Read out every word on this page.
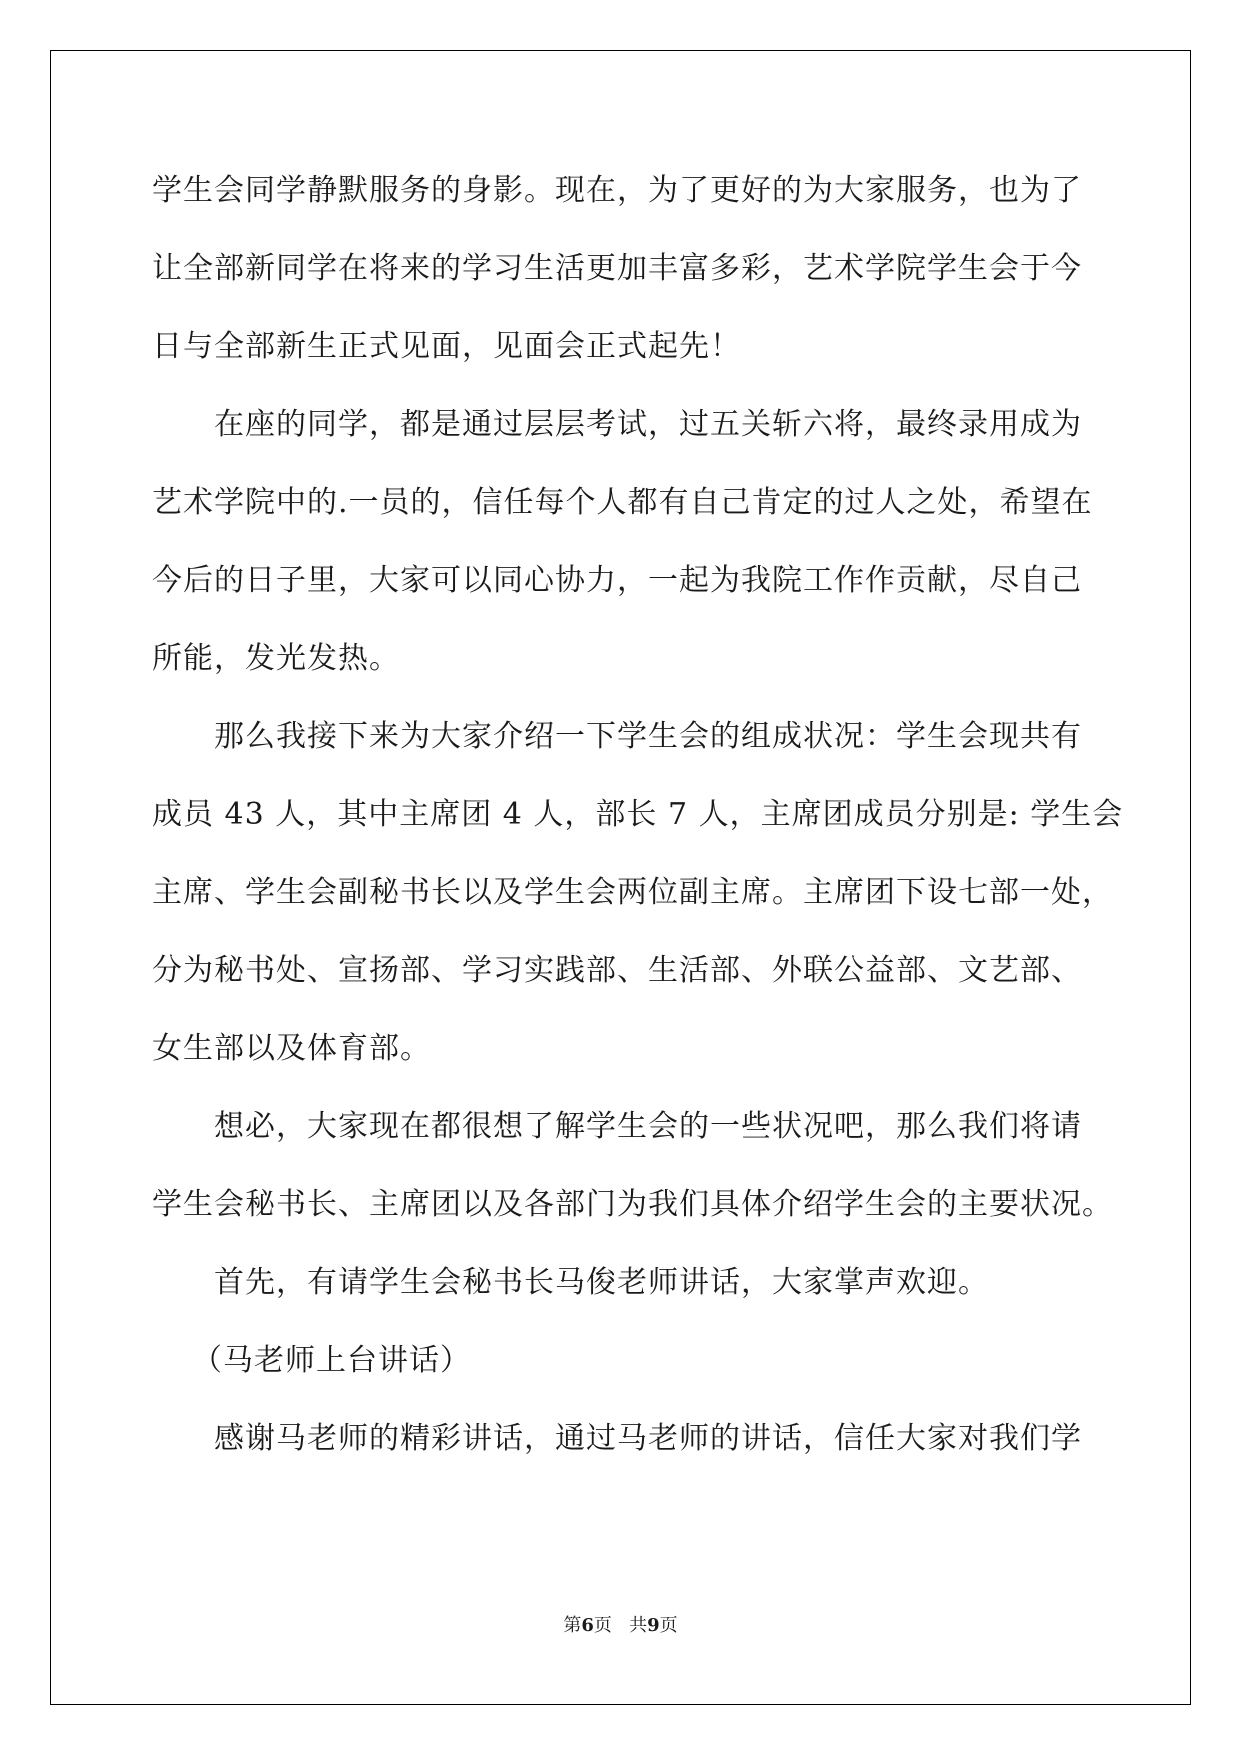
学生会同学静默服务的身影。现在，为了更好的为大家服务，也为了
让全部新同学在将来的学习生活更加丰富多彩，艺术学院学生会于今
日与全部新生正式见面，见面会正式起先！
在座的同学，都是通过层层考试，过五关斩六将，最终录用成为
艺术学院中的.一员的，信任每个人都有自己肯定的过人之处，希望在
今后的日子里，大家可以同心协力，一起为我院工作作贡献，尽自己
所能，发光发热。
那么我接下来为大家介绍一下学生会的组成状况：学生会现共有
成员 43 人，其中主席团 4 人，部长 7 人，主席团成员分别是: 学生会
主席、学生会副秘书长以及学生会两位副主席。主席团下设七部一处，
分为秘书处、宣扬部、学习实践部、生活部、外联公益部、文艺部、
女生部以及体育部。
想必，大家现在都很想了解学生会的一些状况吧，那么我们将请
学生会秘书长、主席团以及各部门为我们具体介绍学生会的主要状况。
首先，有请学生会秘书长马俊老师讲话，大家掌声欢迎。
（马老师上台讲话）
感谢马老师的精彩讲话，通过马老师的讲话，信任大家对我们学
第6页 共9页
